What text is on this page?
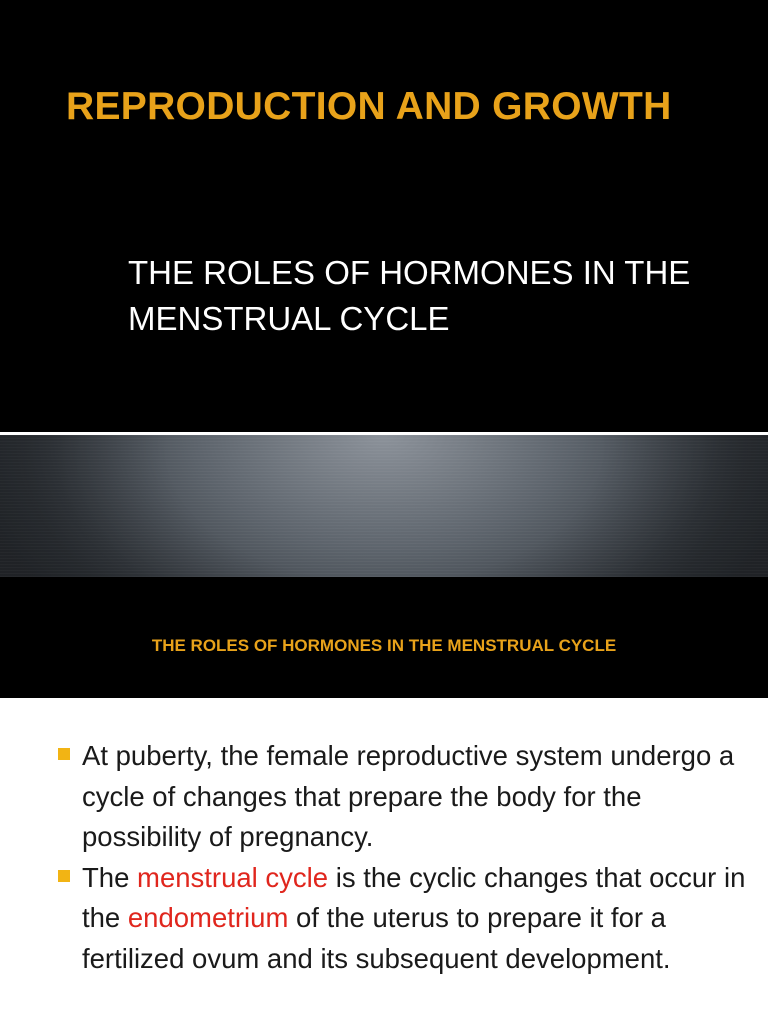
REPRODUCTION AND GROWTH
THE ROLES OF HORMONES IN THE MENSTRUAL CYCLE
THE ROLES OF HORMONES IN THE MENSTRUAL CYCLE
At puberty, the female reproductive system undergo a cycle of changes that prepare the body for the possibility of pregnancy.
The menstrual cycle is the cyclic changes that occur in the endometrium of the uterus to prepare it for a fertilized ovum and its subsequent development.
